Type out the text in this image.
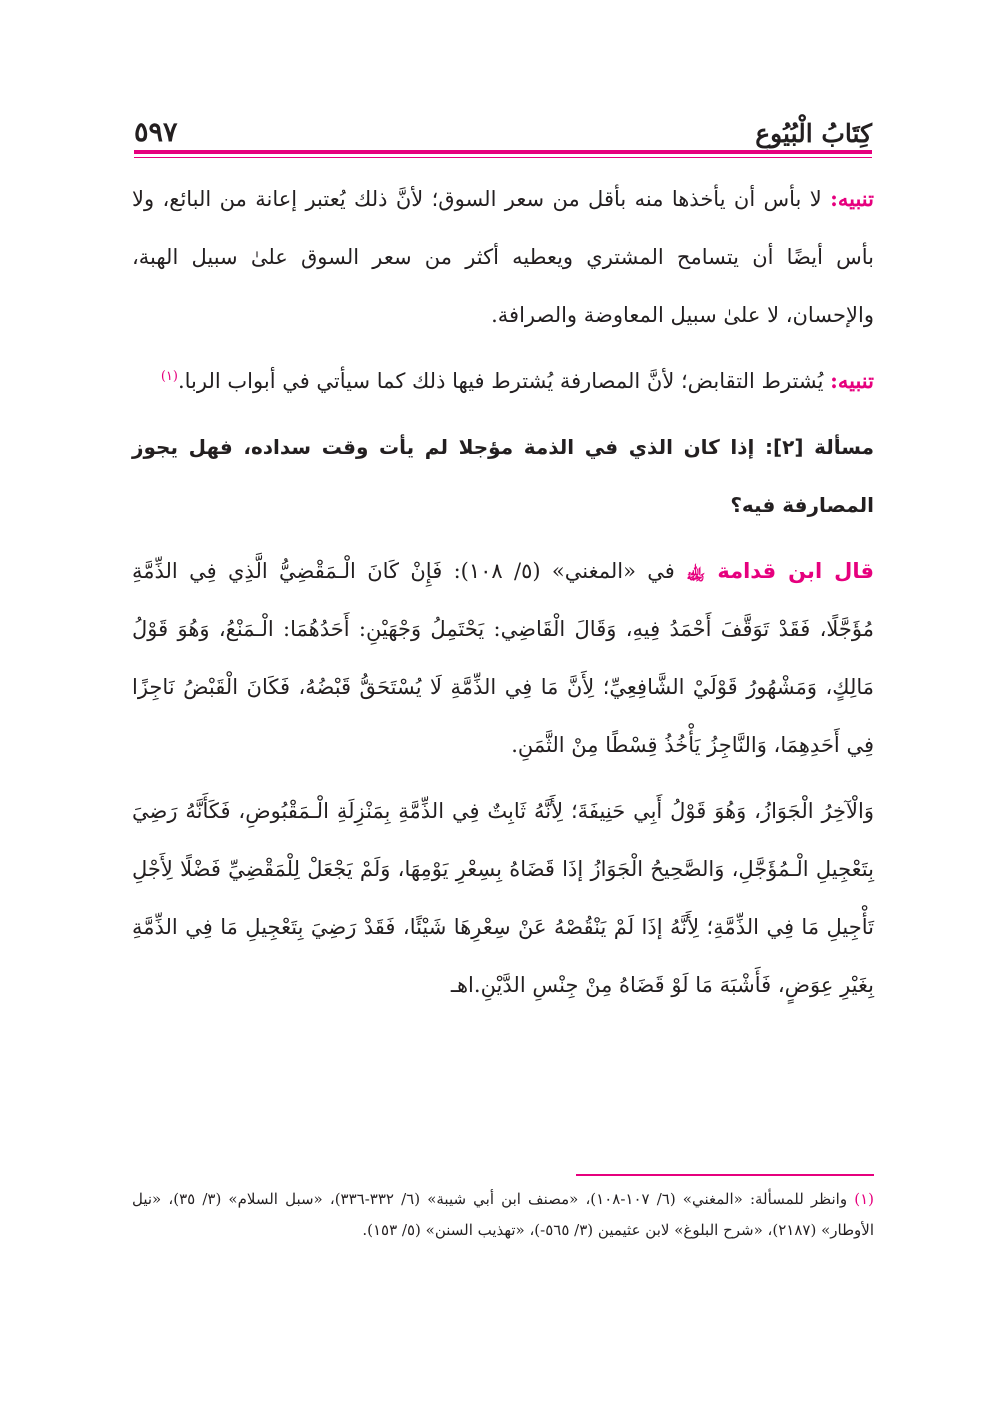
كِتَابُ الْبُيُوعِ
٥٩٧

تنبيه: لا بأس أن يأخذها منه بأقل من سعر السوق؛ لأنَّ ذلك يُعتبر إعانة من البائع، ولا بأس أيضًا أن يتسامح المشتري ويعطيه أكثر من سعر السوق علىٰ سبيل الهبة، والإحسان، لا علىٰ سبيل المعاوضة والصرافة.

تنبيه: يُشترط التقابض؛ لأنَّ المصارفة يُشترط فيها ذلك كما سيأتي في أبواب الربا.$^{(١)}$

مسألة [٢]: إذا كان الذي في الذمة مؤجلا لم يأت وقت سداده، فهل يجوز المصارفة فيه؟

قال ابن قدامة ﵀ في «المغني» (٥/ ١٠٨): فَإِنْ كَانَ الْـمَقْضِيُّ الَّذِي فِي الذِّمَّةِ مُؤَجَّلًا، فَقَدْ تَوَقَّفَ أَحْمَدُ فِيهِ، وَقَالَ الْقَاضِي: يَحْتَمِلُ وَجْهَيْنِ: أَحَدُهُمَا: الْـمَنْعُ، وَهُوَ قَوْلُ مَالِكٍ، وَمَشْهُورُ قَوْلَيْ الشَّافِعِيِّ؛ لِأَنَّ مَا فِي الذِّمَّةِ لَا يُسْتَحَقُّ قَبْضُهُ، فَكَانَ الْقَبْضُ نَاجِزًا فِي أَحَدِهِمَا، وَالنَّاجِزُ يَأْخُذُ قِسْطًا مِنْ الثَّمَنِ.

وَالْآخِرُ الْجَوَازُ، وَهُوَ قَوْلُ أَبِي حَنِيفَةَ؛ لِأَنَّهُ ثَابِتٌ فِي الذِّمَّةِ بِمَنْزِلَةِ الْـمَقْبُوضِ، فَكَأَنَّهُ رَضِيَ بِتَعْجِيلِ الْـمُؤَجَّلِ، وَالصَّحِيحُ الْجَوَازُ إذَا قَضَاهُ بِسِعْرِ يَوْمِهَا، وَلَمْ يَجْعَلْ لِلْمَقْضِيِّ فَضْلًا لِأَجْلِ تَأْجِيلِ مَا فِي الذِّمَّةِ؛ لِأَنَّهُ إذَا لَمْ يَنْقُصْهُ عَنْ سِعْرِهَا شَيْئًا، فَقَدْ رَضِيَ بِتَعْجِيلِ مَا فِي الذِّمَّةِ بِغَيْرِ عِوَضٍ، فَأَشْبَهَ مَا لَوْ قَضَاهُ مِنْ جِنْسِ الدَّيْنِ.اهـ

(١) وانظر للمسألة: «المغني» (٦/ ١٠٧-١٠٨)، «مصنف ابن أبي شيبة» (٦/ ٣٣٢-٣٣٦)، «سبل السلام» (٣/ ٣٥)، «نيل الأوطار» (٢١٨٧)، «شرح البلوغ» لابن عثيمين (٣/ ٥٦٥-)، «تهذيب السنن» (٥/ ١٥٣).
